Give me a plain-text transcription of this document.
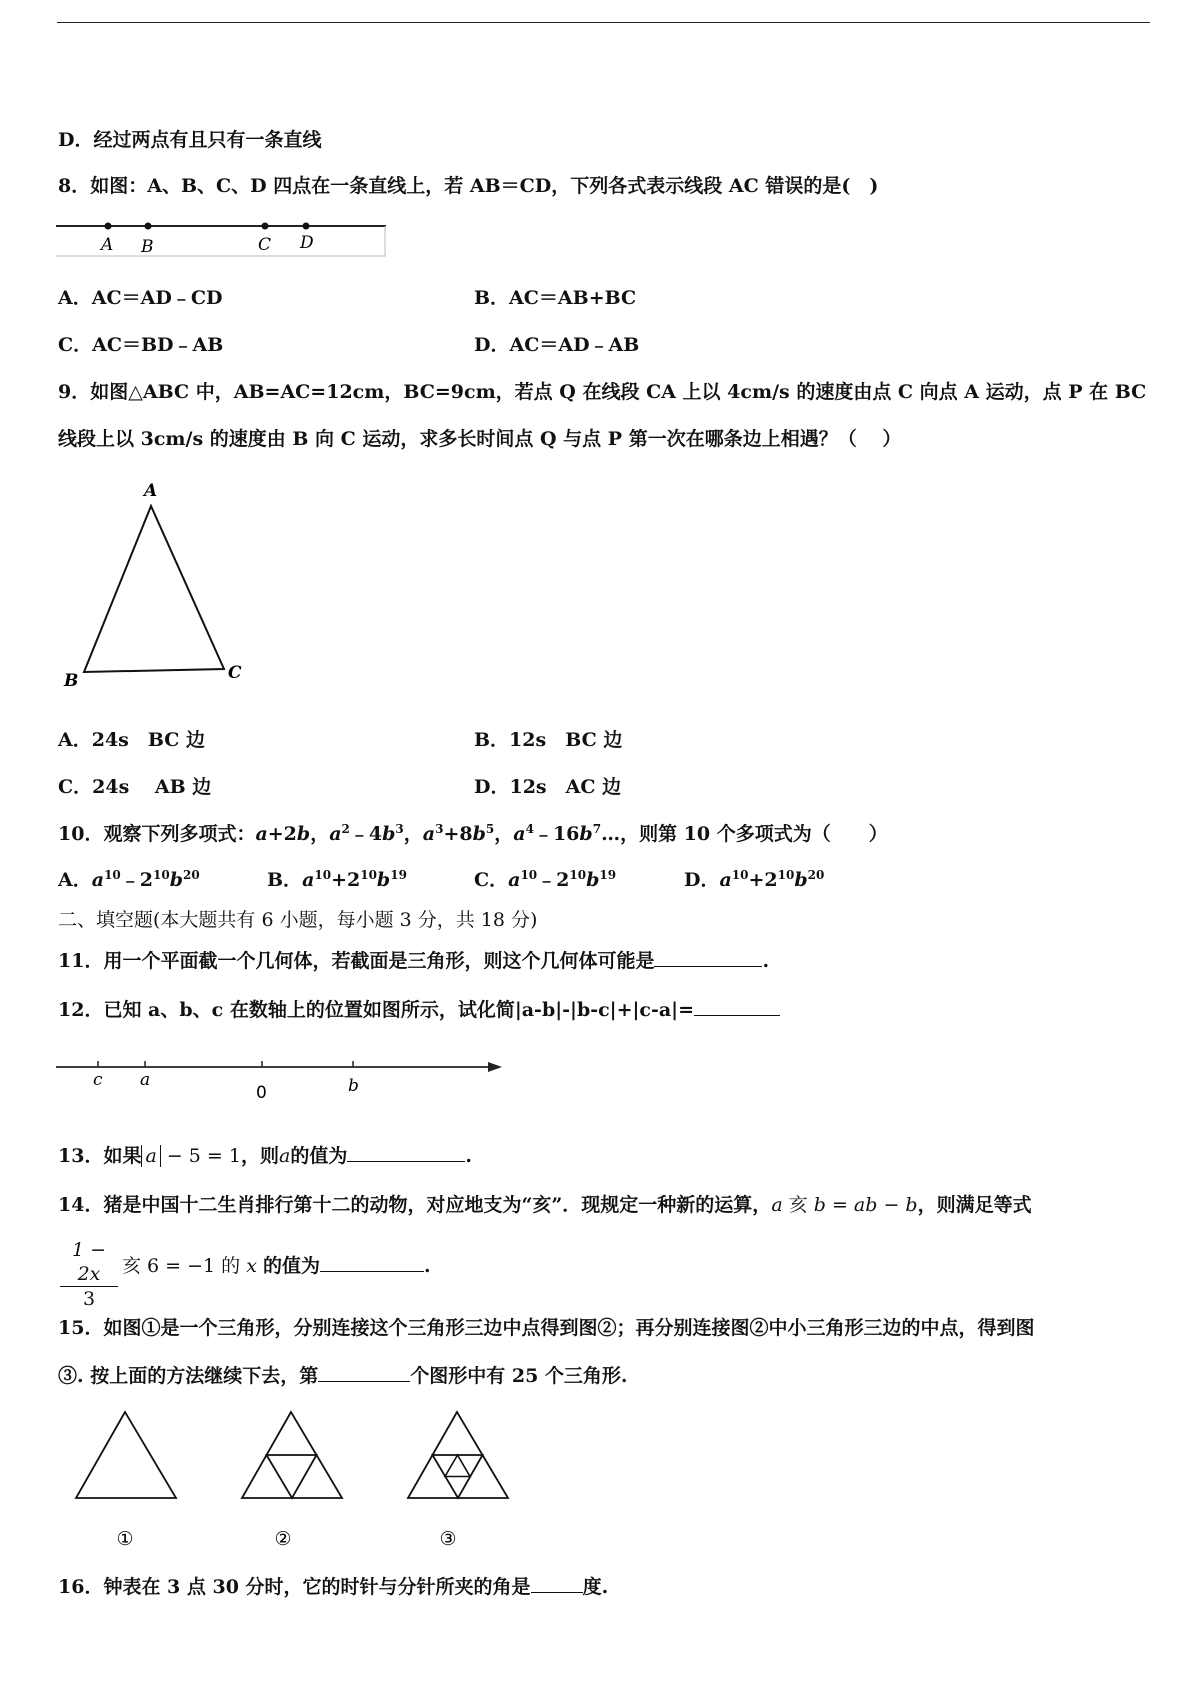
D．经过两点有且只有一条直线
8．如图：A、B、C、D 四点在一条直线上，若 AB＝CD，下列各式表示线段 AC 错误的是(　)
A B	C D
A．AC＝AD﹣CD	B．AC＝AB+BC
C．AC＝BD﹣AB	D．AC＝AD﹣AB
9．如图△ABC 中，AB=AC=12cm，BC=9cm，若点 Q 在线段 CA 上以 4cm/s 的速度由点 C 向点 A 运动，点 P 在 BC
线段上以 3cm/s 的速度由 B 向 C 运动，求多长时间点 Q 与点 P 第一次在哪条边上相遇？（　 ）
A
B	C
A．24s　BC 边	B．12s　BC 边
C．24s　 AB 边	D．12s　AC 边
10．观察下列多项式：a+2b，$a^2﹣4b^3$，$a^3+8b^5$，$a^4﹣16b^7\dots$，则第 10 个多项式为（　　）
A．$a^{10}﹣2^{10}b^{20}$	B．$a^{10}+2^{10}b^{19}$	C．$a^{10}﹣2^{10}b^{19}$	D．$a^{10}+2^{10}b^{20}$
二、填空题(本大题共有 6 小题，每小题 3 分，共 18 分)
11．用一个平面截一个几何体，若截面是三角形，则这个几何体可能是	.
12．已知 a、b、c 在数轴上的位置如图所示，试化简|a-b|-|b-c|+|c-a|=
c a
0	b
13．如果 a − 5 = 1，则a的值为	.
14．猪是中国十二生肖排行第十二的动物，对应地支为“亥”．现规定一种新的运算，a 亥 b = ab − b，则满足等式
1 − 2x
3
亥 6 = −1 的 x 的值为	.
15．如图①是一个三角形，分别连接这个三角形三边中点得到图②；再分别连接图②中小三角形三边的中点，得到图
③. 按上面的方法继续下去，第	个图形中有 25 个三角形.
①	②	③
16．钟表在 3 点 30 分时，它的时针与分针所夹的角是	度.
